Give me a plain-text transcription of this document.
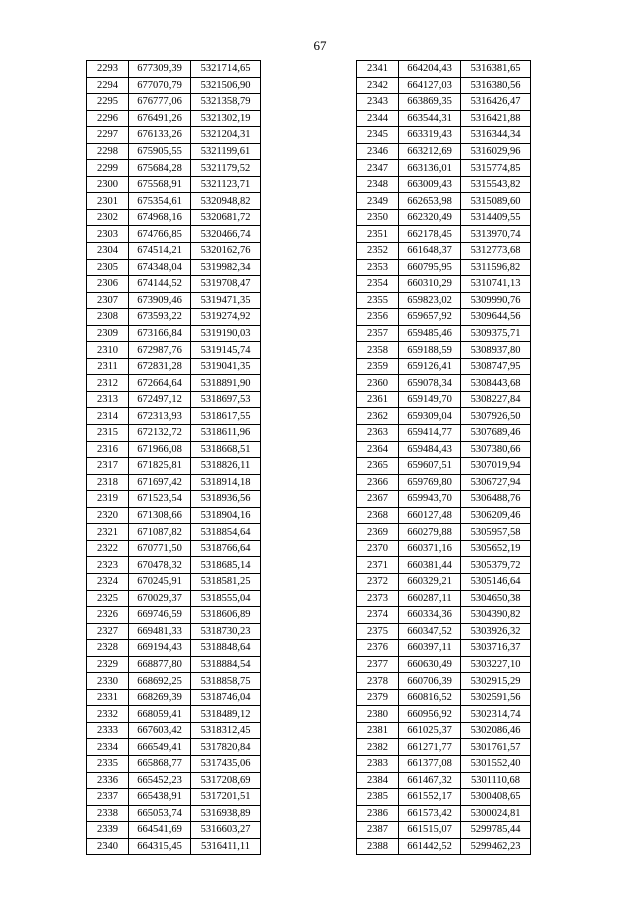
67
2293	677309,39	5321714,65
2294	677070,79	5321506,90
2295	676777,06	5321358,79
2296	676491,26	5321302,19
2297	676133,26	5321204,31
2298	675905,55	5321199,61
2299	675684,28	5321179,52
2300	675568,91	5321123,71
2301	675354,61	5320948,82
2302	674968,16	5320681,72
2303	674766,85	5320466,74
2304	674514,21	5320162,76
2305	674348,04	5319982,34
2306	674144,52	5319708,47
2307	673909,46	5319471,35
2308	673593,22	5319274,92
2309	673166,84	5319190,03
2310	672987,76	5319145,74
2311	672831,28	5319041,35
2312	672664,64	5318891,90
2313	672497,12	5318697,53
2314	672313,93	5318617,55
2315	672132,72	5318611,96
2316	671966,08	5318668,51
2317	671825,81	5318826,11
2318	671697,42	5318914,18
2319	671523,54	5318936,56
2320	671308,66	5318904,16
2321	671087,82	5318854,64
2322	670771,50	5318766,64
2323	670478,32	5318685,14
2324	670245,91	5318581,25
2325	670029,37	5318555,04
2326	669746,59	5318606,89
2327	669481,33	5318730,23
2328	669194,43	5318848,64
2329	668877,80	5318884,54
2330	668692,25	5318858,75
2331	668269,39	5318746,04
2332	668059,41	5318489,12
2333	667603,42	5318312,45
2334	666549,41	5317820,84
2335	665868,77	5317435,06
2336	665452,23	5317208,69
2337	665438,91	5317201,51
2338	665053,74	5316938,89
2339	664541,69	5316603,27
2340	664315,45	5316411,11
2341	664204,43	5316381,65
2342	664127,03	5316380,56
2343	663869,35	5316426,47
2344	663544,31	5316421,88
2345	663319,43	5316344,34
2346	663212,69	5316029,96
2347	663136,01	5315774,85
2348	663009,43	5315543,82
2349	662653,98	5315089,60
2350	662320,49	5314409,55
2351	662178,45	5313970,74
2352	661648,37	5312773,68
2353	660795,95	5311596,82
2354	660310,29	5310741,13
2355	659823,02	5309990,76
2356	659657,92	5309644,56
2357	659485,46	5309375,71
2358	659188,59	5308937,80
2359	659126,41	5308747,95
2360	659078,34	5308443,68
2361	659149,70	5308227,84
2362	659309,04	5307926,50
2363	659414,77	5307689,46
2364	659484,43	5307380,66
2365	659607,51	5307019,94
2366	659769,80	5306727,94
2367	659943,70	5306488,76
2368	660127,48	5306209,46
2369	660279,88	5305957,58
2370	660371,16	5305652,19
2371	660381,44	5305379,72
2372	660329,21	5305146,64
2373	660287,11	5304650,38
2374	660334,36	5304390,82
2375	660347,52	5303926,32
2376	660397,11	5303716,37
2377	660630,49	5303227,10
2378	660706,39	5302915,29
2379	660816,52	5302591,56
2380	660956,92	5302314,74
2381	661025,37	5302086,46
2382	661271,77	5301761,57
2383	661377,08	5301552,40
2384	661467,32	5301110,68
2385	661552,17	5300408,65
2386	661573,42	5300024,81
2387	661515,07	5299785,44
2388	661442,52	5299462,23
